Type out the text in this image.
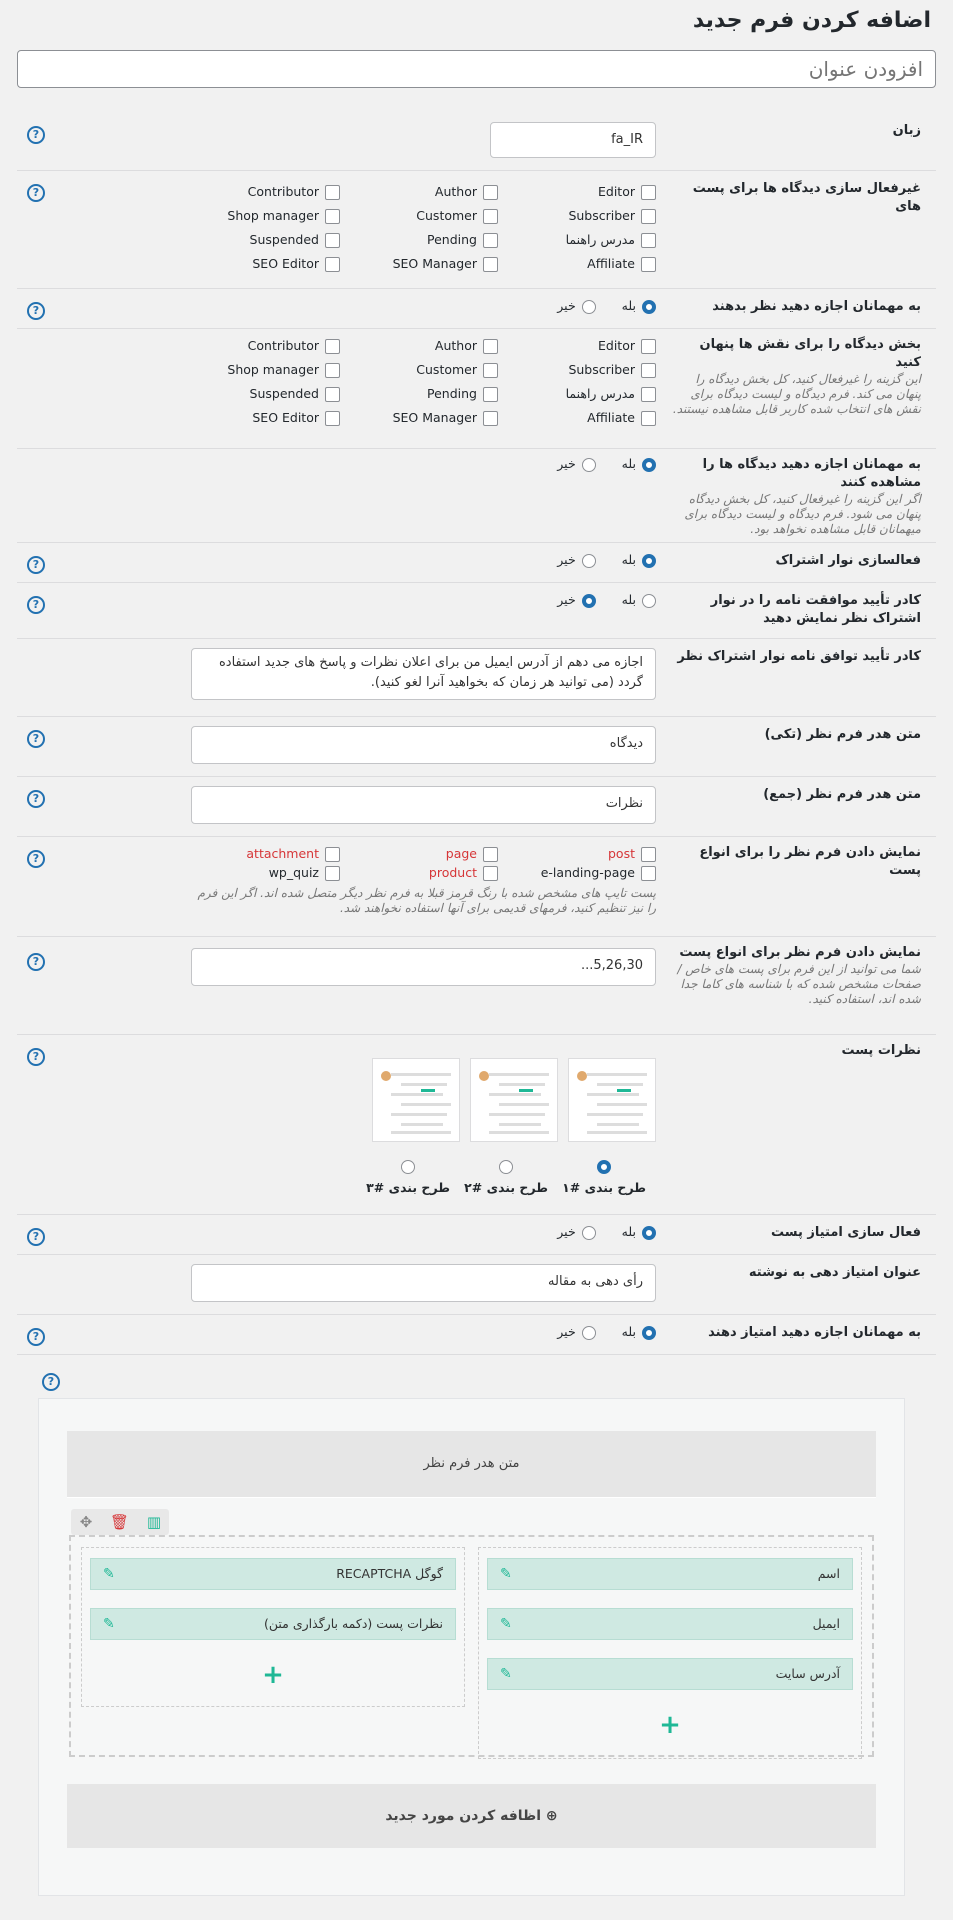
اضافه کردن فرم جدید
افزودن عنوان
زبان
fa_IR
?
غیرفعال سازی دیدگاه ها برای پست های
?	Editor
Author
Contributor
Subscriber
Customer
Shop manager
مدرس راهنما
Pending
Suspended
Affiliate
SEO Manager
SEO Editor
به مهمانان اجازه دهید نظر بدهند
بله خیر
?
بخش دیدگاه را برای نقش ها پنهان کنید
این گزینه را غیرفعال کنید، کل بخش دیدگاه را پنهان می کند. فرم دیدگاه و لیست دیدگاه برای نقش های انتخاب شده کاربر قابل مشاهده نیستند.
Editor
Author
Contributor
Subscriber
Customer
Shop manager
مدرس راهنما
Pending
Suspended
Affiliate
SEO Manager
SEO Editor
به مهمانان اجازه دهید دیدگاه ها را مشاهده کنند
اگر این گزینه را غیرفعال کنید، کل بخش دیدگاه پنهان می شود. فرم دیدگاه و لیست دیدگاه برای میهمانان قابل مشاهده نخواهد بود.
بله خیر
فعالسازی نوار اشتراک
بله خیر
?
کادر تأیید موافقت نامه را در نوار اشتراک نظر نمایش دهید
بله خیر
?
کادر تأیید توافق نامه نوار اشتراک نظر
اجازه می دهم از آدرس ایمیل من برای اعلان نظرات و پاسخ های جدید استفاده گردد (می توانید هر زمان که بخواهید آنرا لغو کنید).
متن هدر فرم نظر (تکی)
دیدگاه
?
متن هدر فرم نظر (جمع)
نظرات
?
نمایش دادن فرم نظر را برای انواع پست
?	post
page
attachment
e-landing-page
product
wp_quiz
پست تایپ های مشخص شده با رنگ قرمز قبلا به فرم نظر دیگر متصل شده اند. اگر این فرم را نیز تنظیم کنید، فرمهای قدیمی برای آنها استفاده نخواهند شد.
نمایش دادن فرم نظر برای انواع پست
شما می توانید از این فرم برای پست های خاص / صفحات مشخص شده که با شناسه های کاما جدا شده اند، استفاده کنید.
5,26,30...
?
نظرات پست
?
طرح بندی #۱
طرح بندی #۲
طرح بندی #۳
فعال سازی امتیاز پست
بله خیر
?
عنوان امتیاز دهی به نوشته
رأی دهی به مقاله
به مهمانان اجازه دهید امتیاز دهند
بله خیر
?
?
متن هدر فرم نظر
✥ 🗑 ▥
اسم
✎
ایمیل
✎
آدرس سایت
✎
+
گوگل RECAPTCHA
✎
نظرات پست (دکمه بارگذاری متن)
✎
+
⊕ اظافه کردن مورد جدید
